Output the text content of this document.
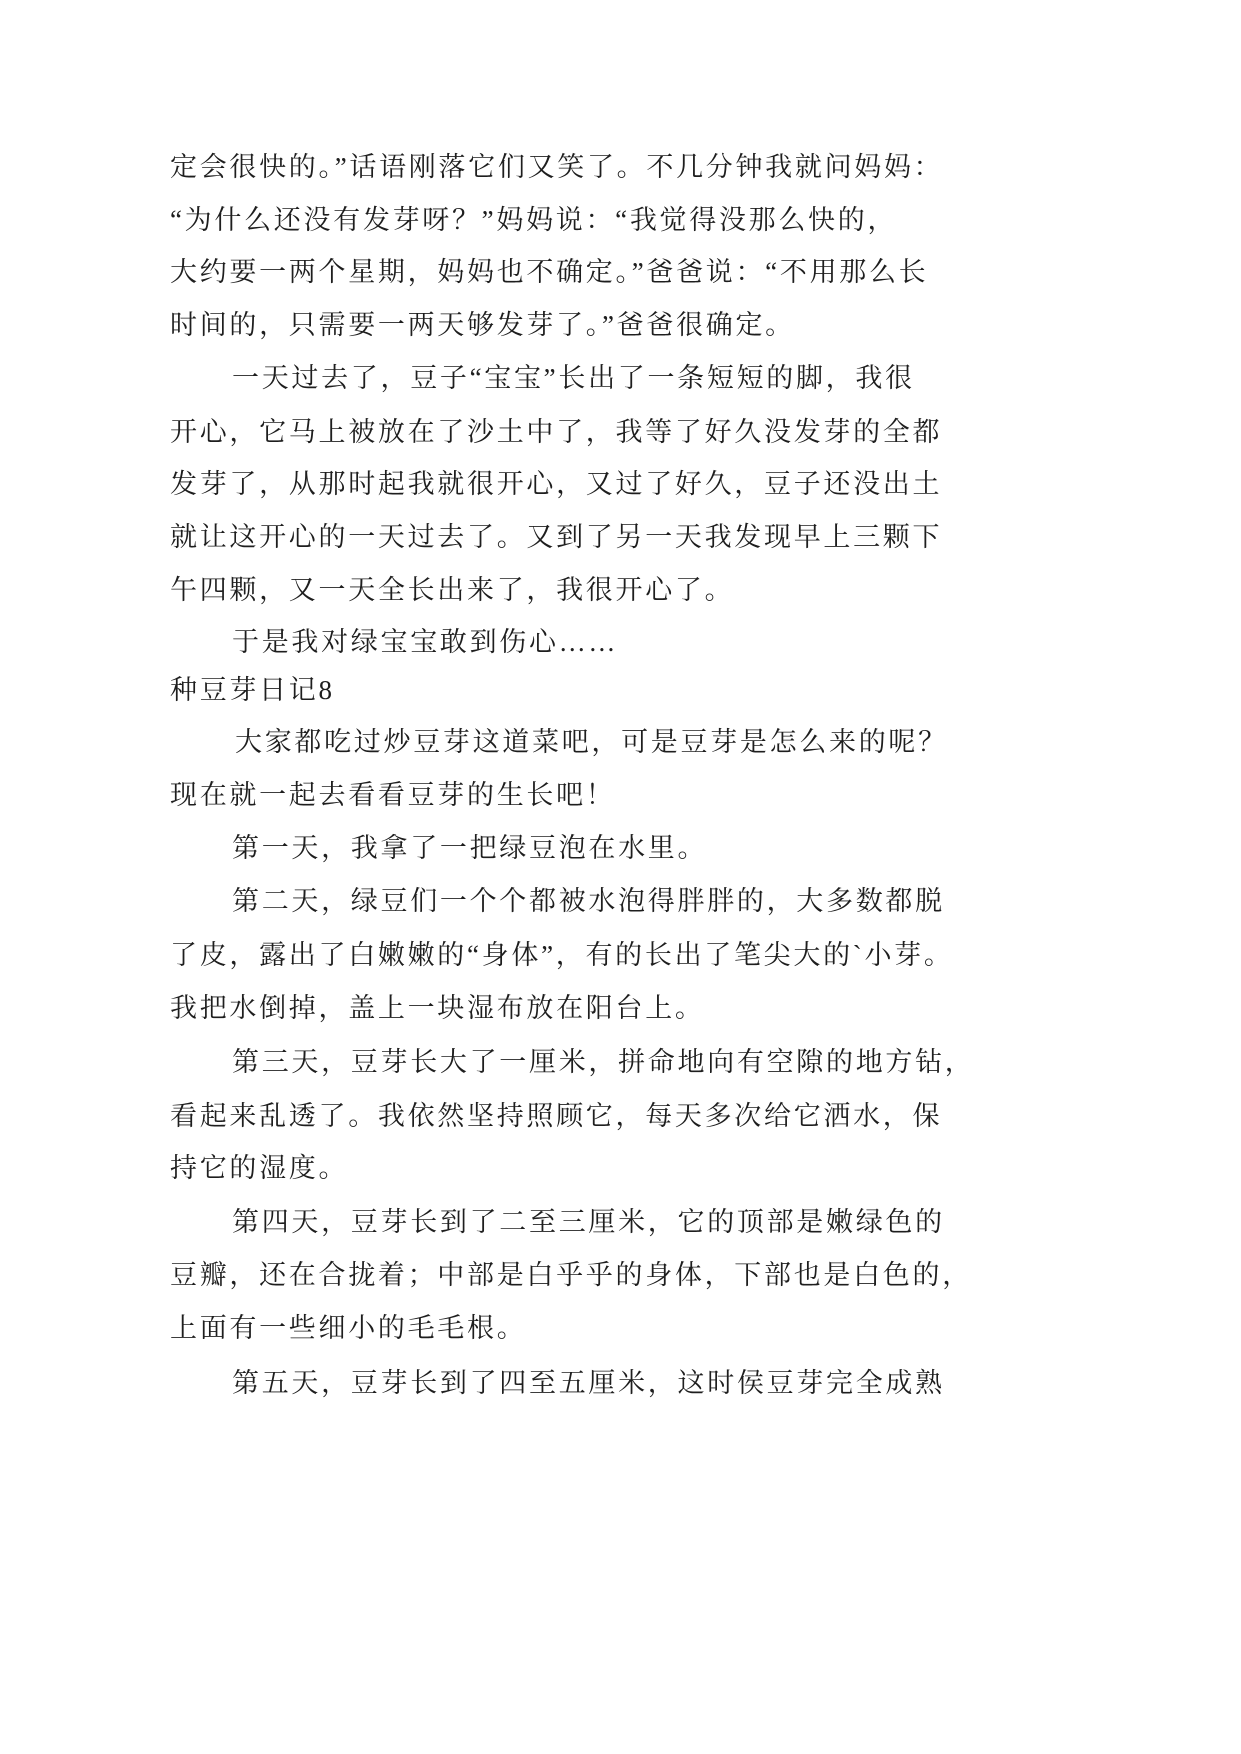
定会很快的。”话语刚落它们又笑了。不几分钟我就问妈妈：
“为什么还没有发芽呀？”妈妈说：“我觉得没那么快的，
大约要一两个星期，妈妈也不确定。”爸爸说：“不用那么长
时间的，只需要一两天够发芽了。”爸爸很确定。
一天过去了，豆子“宝宝”长出了一条短短的脚，我很
开心，它马上被放在了沙土中了，我等了好久没发芽的全都
发芽了，从那时起我就很开心，又过了好久，豆子还没出土
就让这开心的一天过去了。又到了另一天我发现早上三颗下
午四颗，又一天全长出来了，我很开心了。
于是我对绿宝宝敢到伤心……
种豆芽日记8
大家都吃过炒豆芽这道菜吧，可是豆芽是怎么来的呢？
现在就一起去看看豆芽的生长吧！
第一天，我拿了一把绿豆泡在水里。
第二天，绿豆们一个个都被水泡得胖胖的，大多数都脱
了皮，露出了白嫩嫩的“身体”，有的长出了笔尖大的`小芽。
我把水倒掉，盖上一块湿布放在阳台上。
第三天，豆芽长大了一厘米，拼命地向有空隙的地方钻，
看起来乱透了。我依然坚持照顾它，每天多次给它洒水，保
持它的湿度。
第四天，豆芽长到了二至三厘米，它的顶部是嫩绿色的
豆瓣，还在合拢着；中部是白乎乎的身体，下部也是白色的，
上面有一些细小的毛毛根。
第五天，豆芽长到了四至五厘米，这时侯豆芽完全成熟
